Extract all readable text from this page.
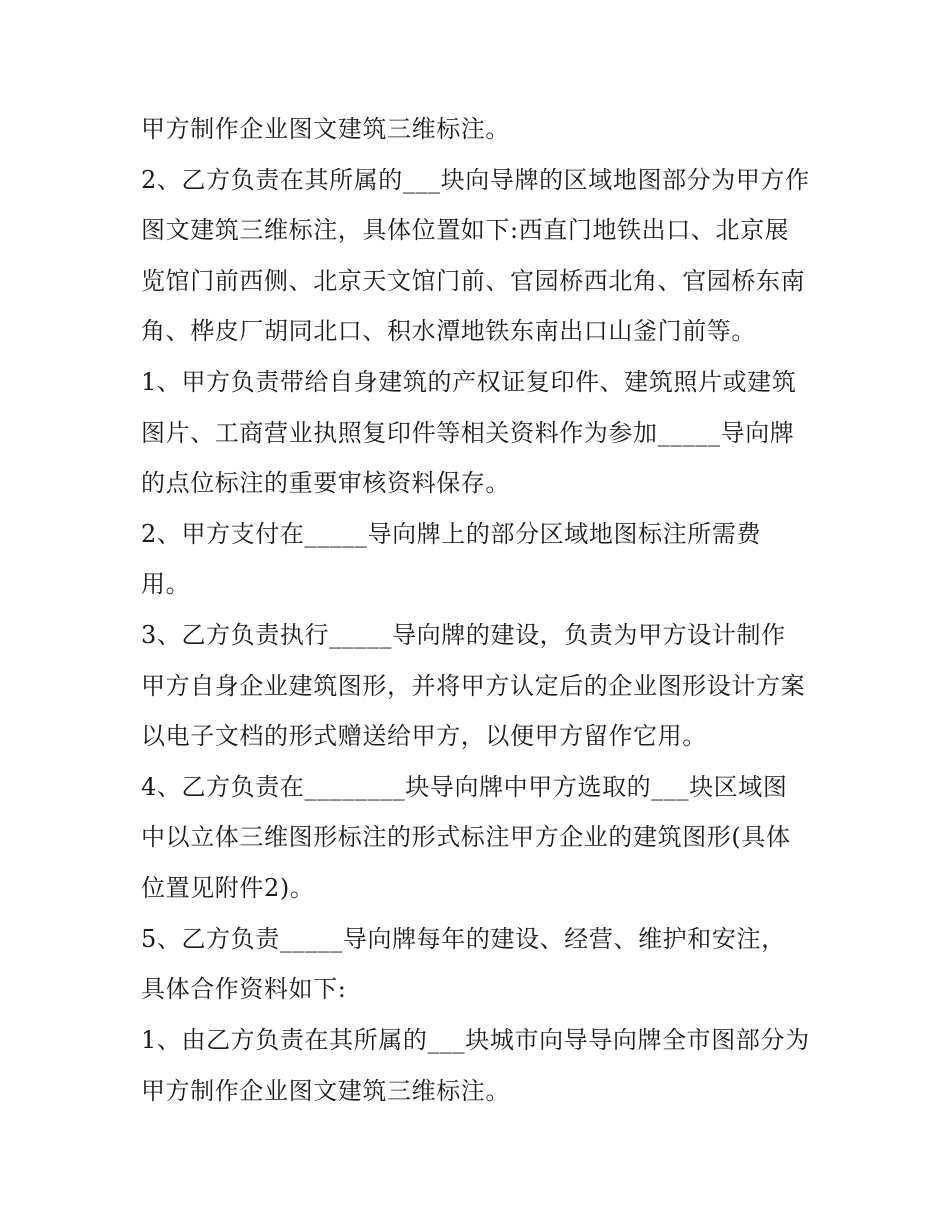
甲方制作企业图文建筑三维标注。

2、乙方负责在其所属的___块向导牌的区域地图部分为甲方作

图文建筑三维标注，具体位置如下:西直门地铁出口、北京展

览馆门前西侧、北京天文馆门前、官园桥西北角、官园桥东南

角、桦皮厂胡同北口、积水潭地铁东南出口山釜门前等。

1、甲方负责带给自身建筑的产权证复印件、建筑照片或建筑

图片、工商营业执照复印件等相关资料作为参加_____导向牌

的点位标注的重要审核资料保存。

2、甲方支付在_____导向牌上的部分区域地图标注所需费

用。

3、乙方负责执行_____导向牌的建设，负责为甲方设计制作

甲方自身企业建筑图形，并将甲方认定后的企业图形设计方案

以电子文档的形式赠送给甲方，以便甲方留作它用。

4、乙方负责在________块导向牌中甲方选取的___块区域图

中以立体三维图形标注的形式标注甲方企业的建筑图形(具体

位置见附件2)。

5、乙方负责_____导向牌每年的建设、经营、维护和安注，

具体合作资料如下:

1、由乙方负责在其所属的___块城市向导导向牌全市图部分为

甲方制作企业图文建筑三维标注。
